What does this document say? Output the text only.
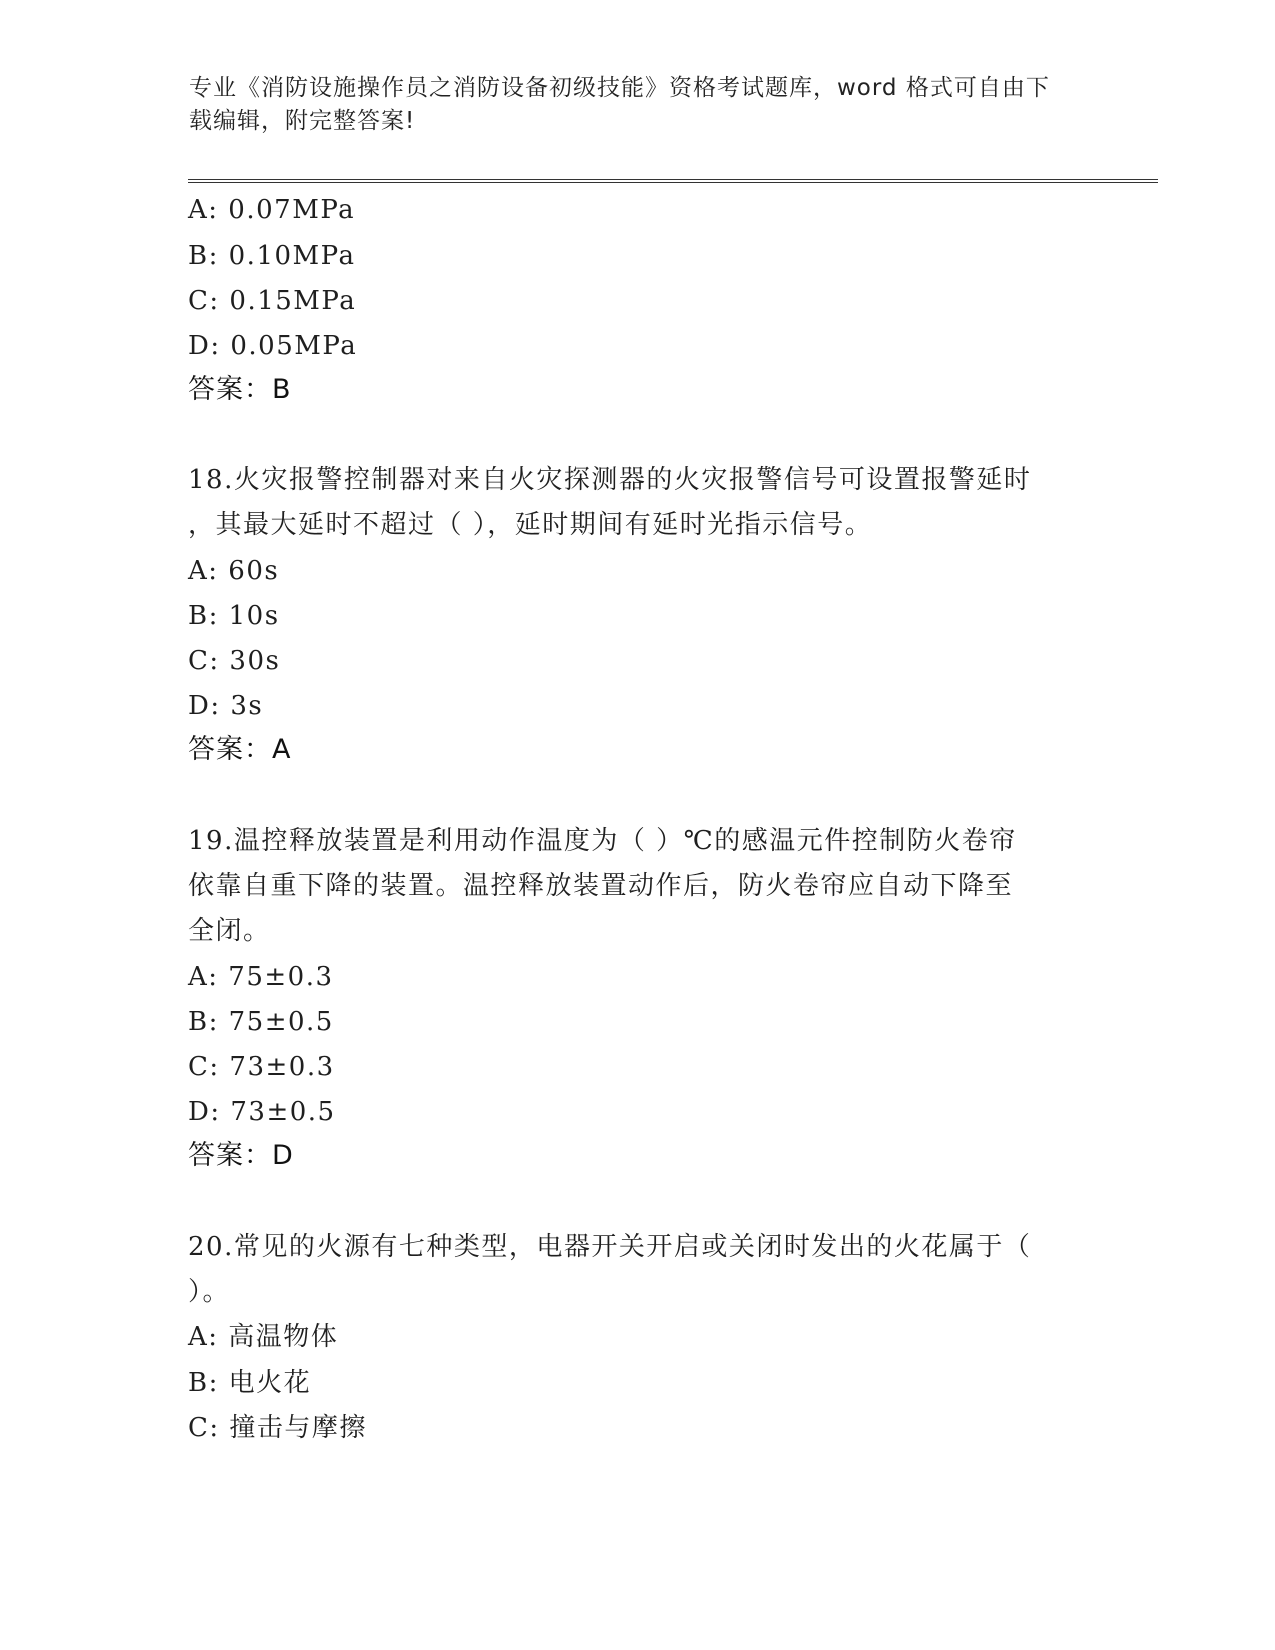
专业《消防设施操作员之消防设备初级技能》资格考试题库，word 格式可自由下
载编辑，附完整答案!
A: 0.07MPa
B: 0.10MPa
C: 0.15MPa
D: 0.05MPa
答案：B
18.火灾报警控制器对来自火灾探测器的火灾报警信号可设置报警延时
，其最大延时不超过（ ），延时期间有延时光指示信号。
A: 60s
B: 10s
C: 30s
D: 3s
答案：A
19.温控释放装置是利用动作温度为（ ）℃的感温元件控制防火卷帘
依靠自重下降的装置。温控释放装置动作后，防火卷帘应自动下降至
全闭。
A: 75±0.3
B: 75±0.5
C: 73±0.3
D: 73±0.5
答案：D
20.常见的火源有七种类型，电器开关开启或关闭时发出的火花属于（
）。
A: 高温物体
B: 电火花
C: 撞击与摩擦
